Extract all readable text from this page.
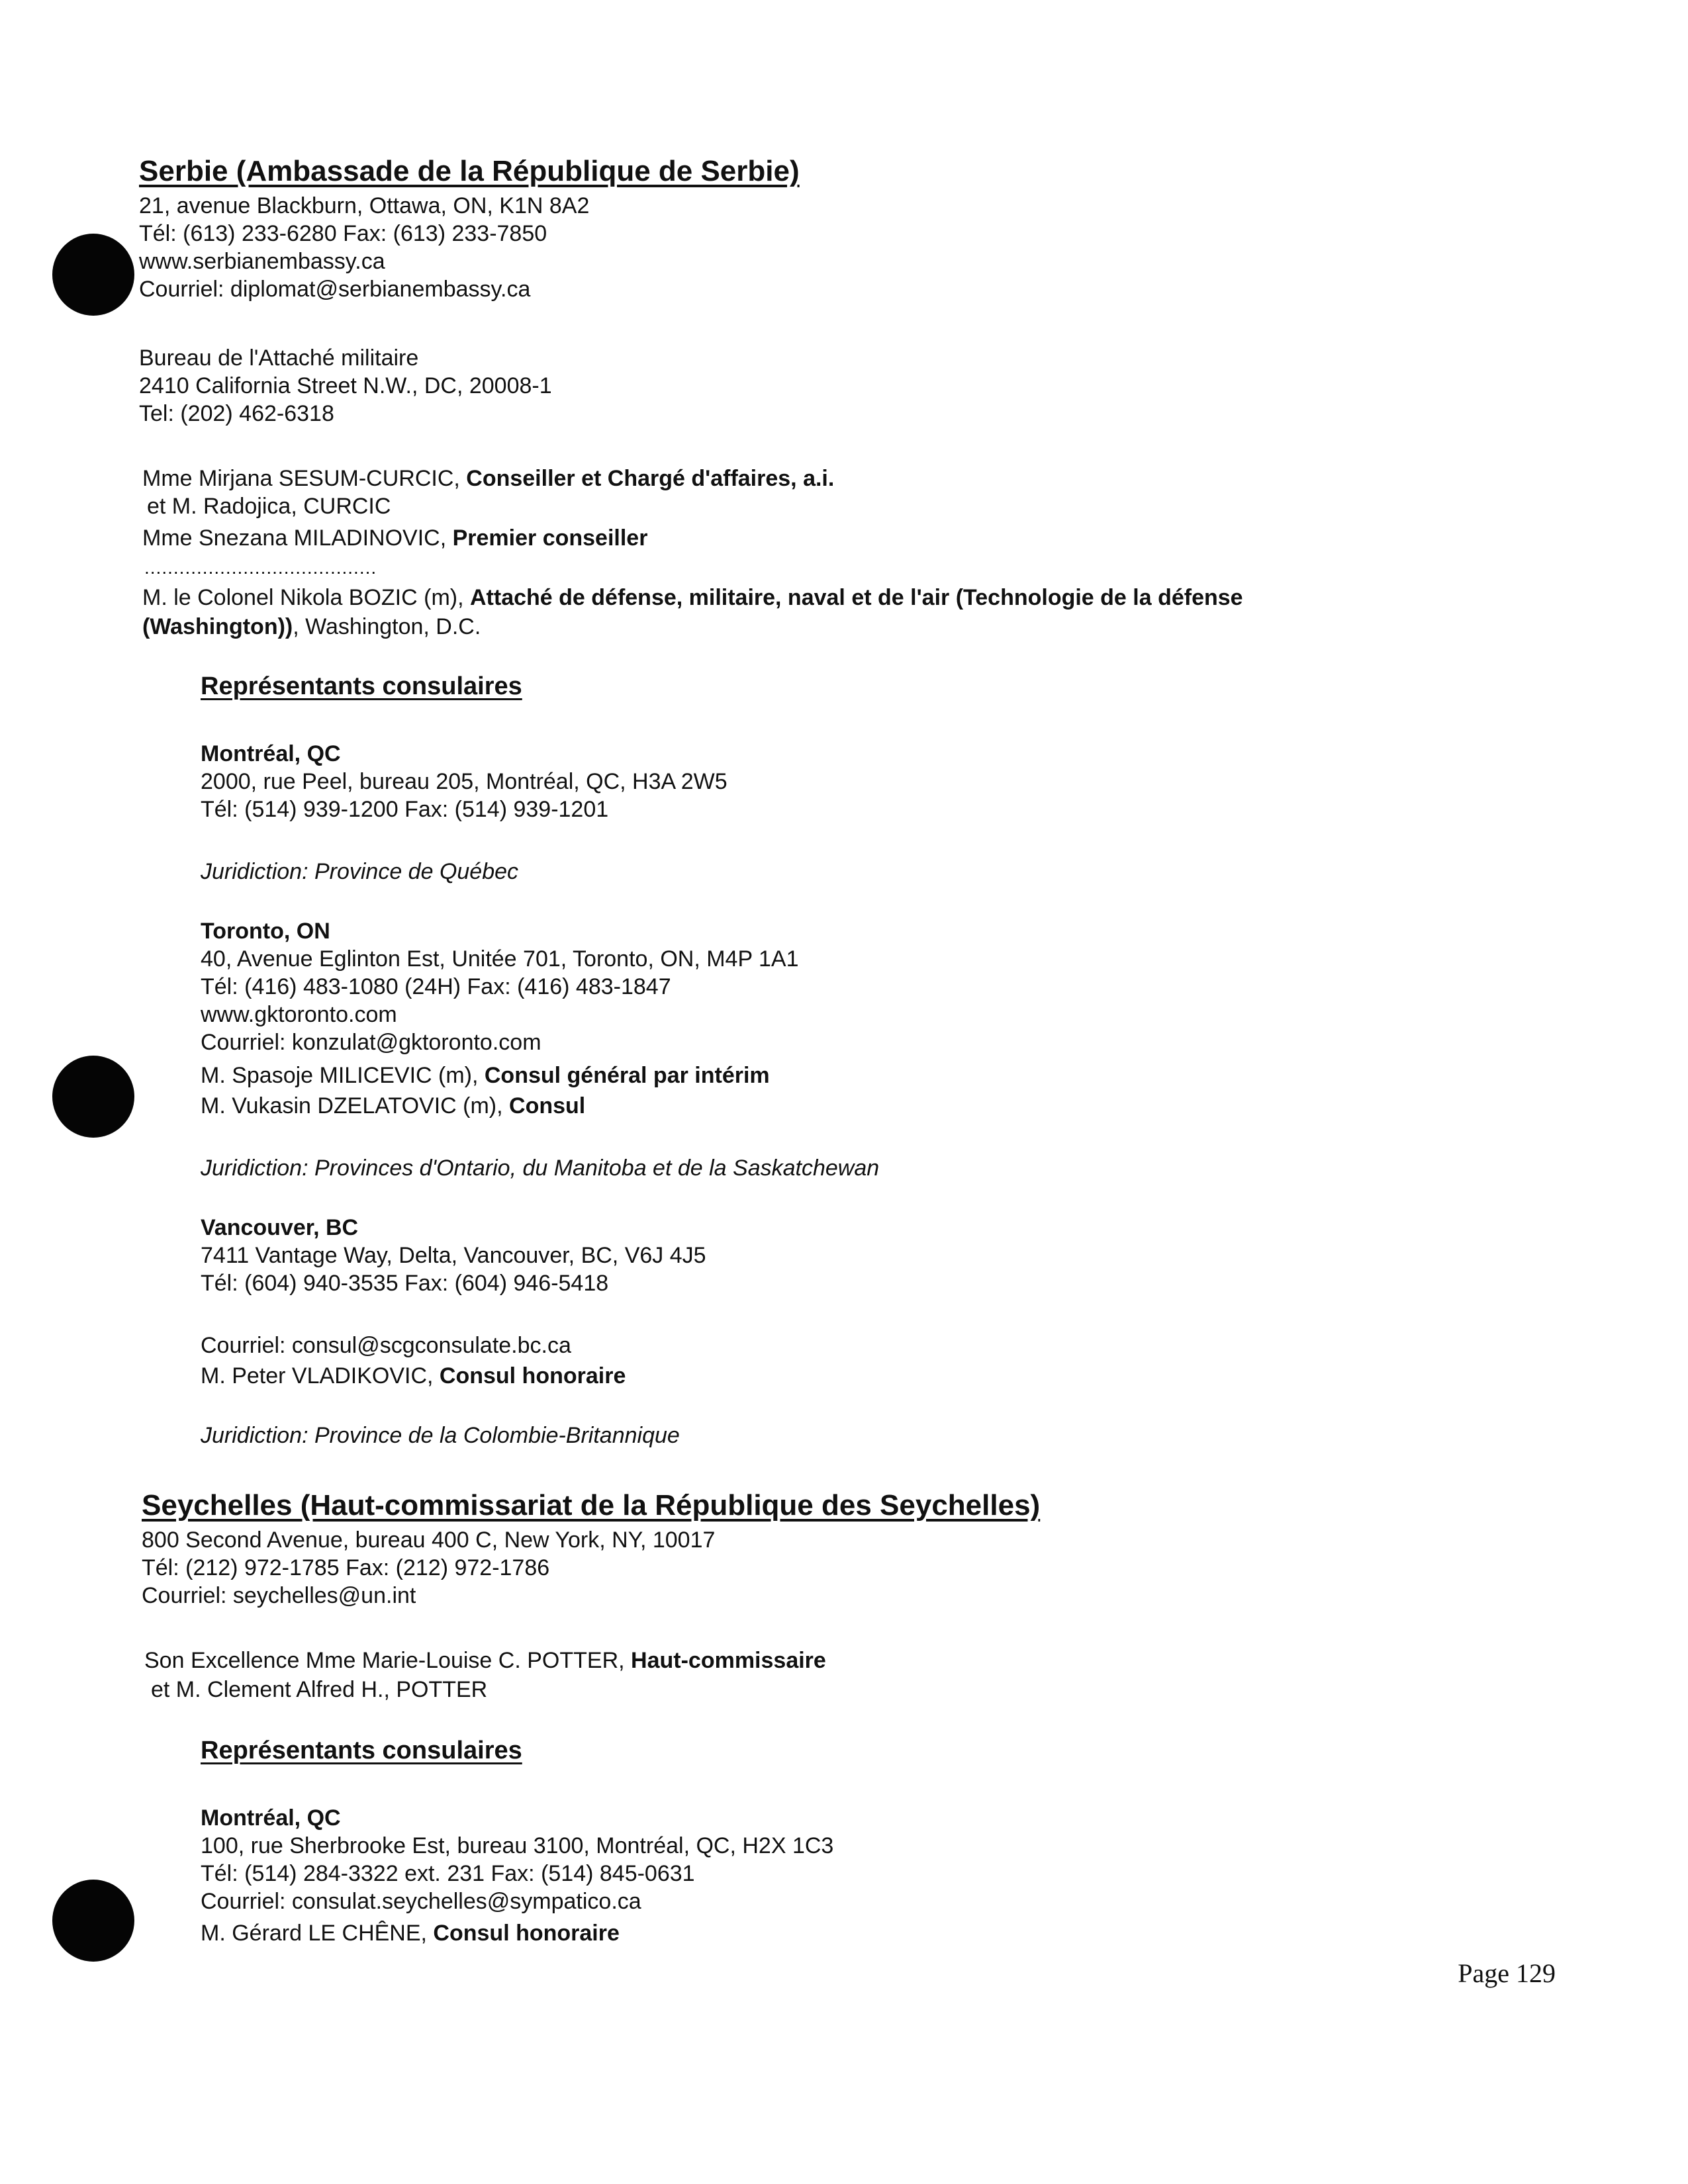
Serbie (Ambassade de la République de Serbie)
21, avenue Blackburn, Ottawa, ON, K1N 8A2
Tél: (613) 233-6280 Fax: (613) 233-7850
www.serbianembassy.ca
Courriel: diplomat@serbianembassy.ca
Bureau de l'Attaché militaire
2410 California Street N.W., DC, 20008-1
Tel: (202) 462-6318
Mme Mirjana SESUM-CURCIC, Conseiller et Chargé d'affaires, a.i.
et M. Radojica, CURCIC
Mme Snezana MILADINOVIC, Premier conseiller
........................................
M. le Colonel Nikola BOZIC (m), Attaché de défense, militaire, naval et de l'air (Technologie de la défense
(Washington)), Washington, D.C.
Représentants consulaires
Montréal, QC
2000, rue Peel, bureau 205, Montréal, QC, H3A 2W5
Tél: (514) 939-1200 Fax: (514) 939-1201
Juridiction: Province de Québec
Toronto, ON
40, Avenue Eglinton Est, Unitée 701, Toronto, ON, M4P 1A1
Tél: (416) 483-1080 (24H) Fax: (416) 483-1847
www.gktoronto.com
Courriel: konzulat@gktoronto.com
M. Spasoje MILICEVIC (m), Consul général par intérim
M. Vukasin DZELATOVIC (m), Consul
Juridiction: Provinces d'Ontario, du Manitoba et de la Saskatchewan
Vancouver, BC
7411 Vantage Way, Delta, Vancouver, BC, V6J 4J5
Tél: (604) 940-3535 Fax: (604) 946-5418
Courriel: consul@scgconsulate.bc.ca
M. Peter VLADIKOVIC, Consul honoraire
Juridiction: Province de la Colombie-Britannique
Seychelles (Haut-commissariat de la République des Seychelles)
800 Second Avenue, bureau 400 C, New York, NY, 10017
Tél: (212) 972-1785 Fax: (212) 972-1786
Courriel: seychelles@un.int
Son Excellence Mme Marie-Louise C. POTTER, Haut-commissaire
et M. Clement Alfred H., POTTER
Représentants consulaires
Montréal, QC
100, rue Sherbrooke Est, bureau 3100, Montréal, QC, H2X 1C3
Tél: (514) 284-3322 ext. 231 Fax: (514) 845-0631
Courriel: consulat.seychelles@sympatico.ca
M. Gérard LE CHÊNE, Consul honoraire
Page 129
